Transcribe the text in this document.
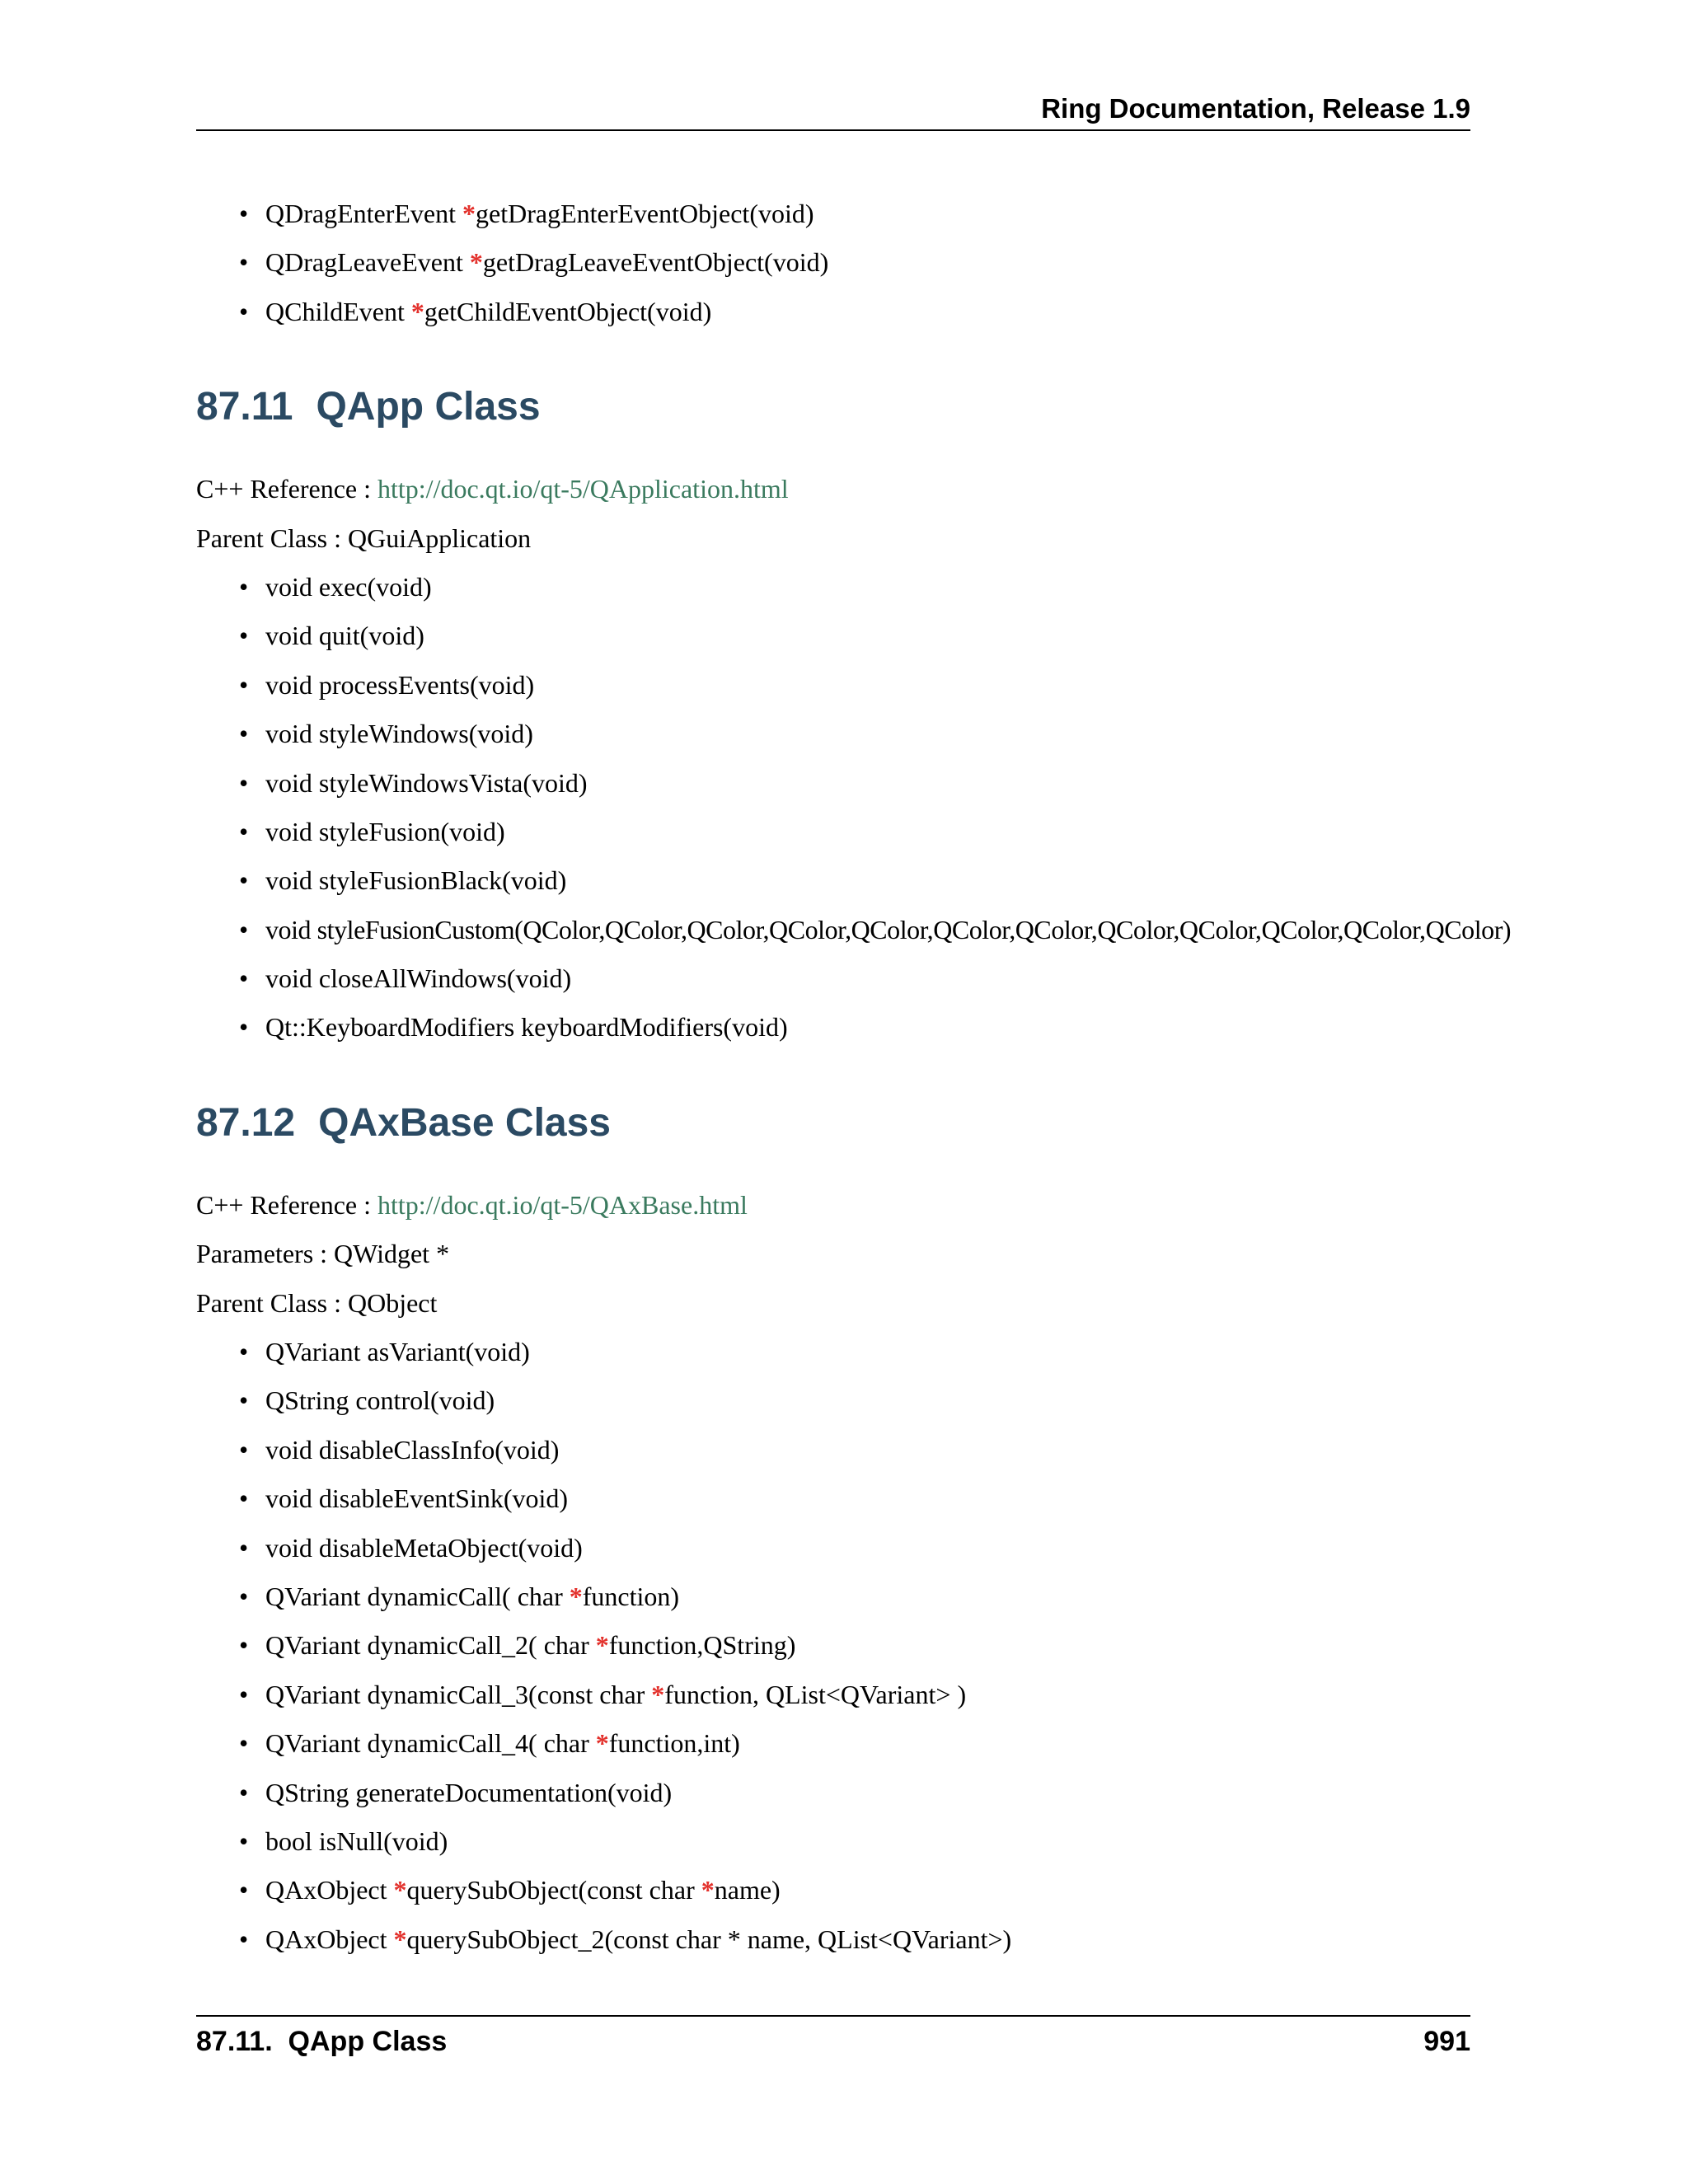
Ring Documentation, Release 1.9
• QDragEnterEvent *getDragEnterEventObject(void)
• QDragLeaveEvent *getDragLeaveEventObject(void)
• QChildEvent *getChildEventObject(void)
87.11 QApp Class

C++ Reference : http://doc.qt.io/qt-5/QApplication.html

Parent Class : QGuiApplication

• void exec(void)
• void quit(void)
• void processEvents(void)
• void styleWindows(void)
• void styleWindowsVista(void)
• void styleFusion(void)
• void styleFusionBlack(void)
• void styleFusionCustom(QColor,QColor,QColor,QColor,QColor,QColor,QColor,QColor,QColor,QColor,QColor,QColor)
• void closeAllWindows(void)
• Qt::KeyboardModifiers keyboardModifiers(void)
87.12 QAxBase Class

C++ Reference : http://doc.qt.io/qt-5/QAxBase.html

Parameters : QWidget *

Parent Class : QObject

• QVariant asVariant(void)
• QString control(void)
• void disableClassInfo(void)
• void disableEventSink(void)
• void disableMetaObject(void)
• QVariant dynamicCall( char *function)
• QVariant dynamicCall_2( char *function,QString)
• QVariant dynamicCall_3(const char *function, QList<QVariant> )
• QVariant dynamicCall_4( char *function,int)
• QString generateDocumentation(void)
• bool isNull(void)
• QAxObject *querySubObject(const char *name)
• QAxObject *querySubObject_2(const char * name, QList<QVariant>)
87.11.  QApp Class	991
